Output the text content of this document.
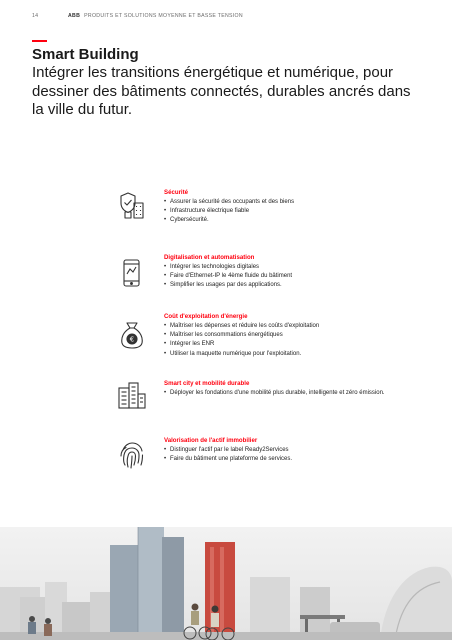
14	ABB PRODUITS ET SOLUTIONS MOYENNE ET BASSE TENSION
Smart Building
Intégrer les transitions énergétique et numérique, pour dessiner des bâtiments connectés, durables ancrés dans la ville du futur.
Sécurité
• Assurer la sécurité des occupants et des biens
• Infrastructure électrique fiable
• Cybersécurité.
Digitalisation et automatisation
• Intégrer les technologies digitales
• Faire d'Ethernet-IP le 4ème fluide du bâtiment
• Simplifier les usages par des applications.
€
Coût d'exploitation d'énergie
• Maîtriser les dépenses et réduire les coûts d'exploitation
• Maîtriser les consommations énergétiques
• Intégrer les ENR
• Utiliser la maquette numérique pour l'exploitation.
Smart city et mobilité durable
• Déployer les fondations d'une mobilité plus durable, intelligente et zéro émission.
Valorisation de l'actif immobilier
• Distinguer l'actif par le label Ready2Services
• Faire du bâtiment une plateforme de services.
